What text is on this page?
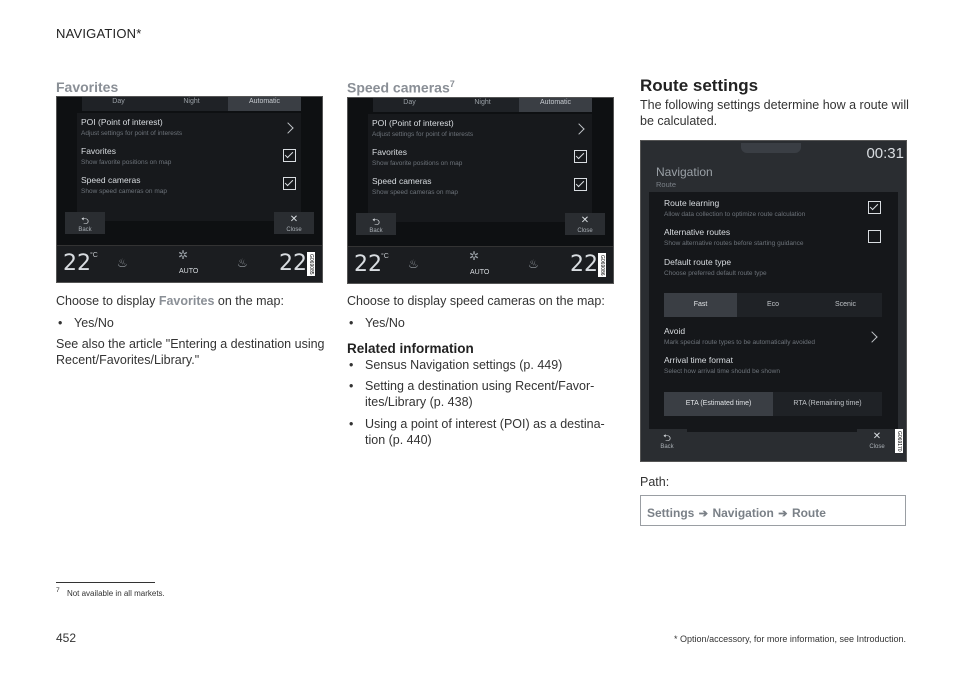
NAVIGATION*
Favorites
Day	Night	Automatic
POI (Point of interest)
Adjust settings for point of interests
Favorites
Show favorite positions on map
Speed cameras
Show speed cameras on map
⮌
Back
✕
Close
22 °C
♨
✲
AUTO
♨ 22 G069085
Choose to display Favorites on the map:
• Yes/No
See also the article "Entering a destination using Recent/Favorites/Library."
Speed cameras$^7$
Day	Night	Automatic
POI (Point of interest)
Adjust settings for point of interests
Favorites
Show favorite positions on map
Speed cameras
Show speed cameras on map
⮌
Back
✕
Close
22 °C
♨
✲
AUTO
♨ 22 G069086
Choose to display speed cameras on the map:
• Yes/No
Related information
• Sensus Navigation settings (p. 449)
• Setting a destination using Recent/Favor-
ites/Library (p. 438)
• Using a point of interest (POI) as a destina-
tion (p. 440)
Route settings
The following settings determine how a route will
be calculated.
00:31
Navigation
Route
Route learning
Allow data collection to optimize route calculation
Alternative routes
Show alternative routes before starting guidance
Default route type
Choose preferred default route type
Fast	Eco	Scenic
Avoid
Mark special route types to be automatically avoided
Arrival time format
Select how arrival time should be shown
ETA (Estimated time)	RTA (Remaining time)
⮌
Back
✕
Close	G069170
Path:
Settings ➔ Navigation ➔ Route
$^7$ Not available in all markets.
452	* Option/accessory, for more information, see Introduction.
